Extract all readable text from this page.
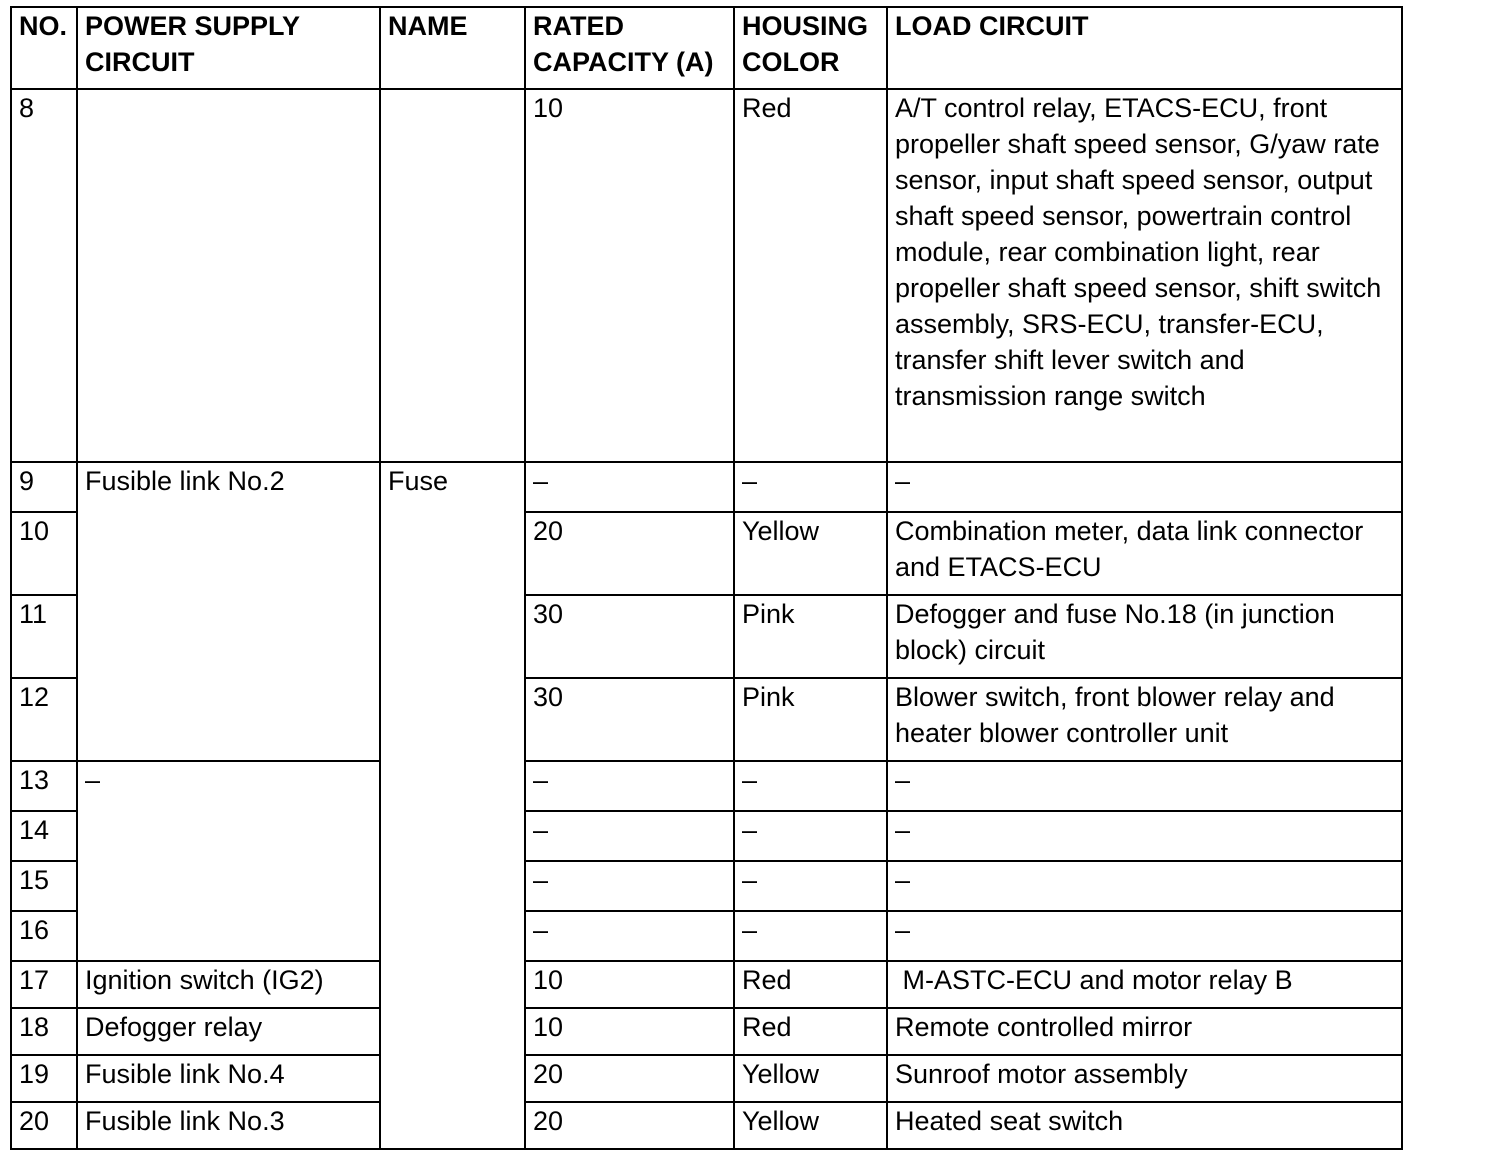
NO.	POWER SUPPLY CIRCUIT	NAME	RATED CAPACITY (A)	HOUSING COLOR	LOAD CIRCUIT
8			10	Red	A/T control relay, ETACS-ECU, front propeller shaft speed sensor, G/yaw rate sensor, input shaft speed sensor, output shaft speed sensor, powertrain control module, rear combination light, rear propeller shaft speed sensor, shift switch assembly, SRS-ECU, transfer-ECU, transfer shift lever switch and transmission range switch
9	Fusible link No.2	Fuse	–	–	–
10			20	Yellow	Combination meter, data link connector and ETACS-ECU
11			30	Pink	Defogger and fuse No.18 (in junction block) circuit
12			30	Pink	Blower switch, front blower relay and heater blower controller unit
13	–		–	–	–
14			–	–	–
15			–	–	–
16			–	–	–
17	Ignition switch (IG2)		10	Red	M-ASTC-ECU and motor relay B
18	Defogger relay		10	Red	Remote controlled mirror
19	Fusible link No.4		20	Yellow	Sunroof motor assembly
20	Fusible link No.3		20	Yellow	Heated seat switch
